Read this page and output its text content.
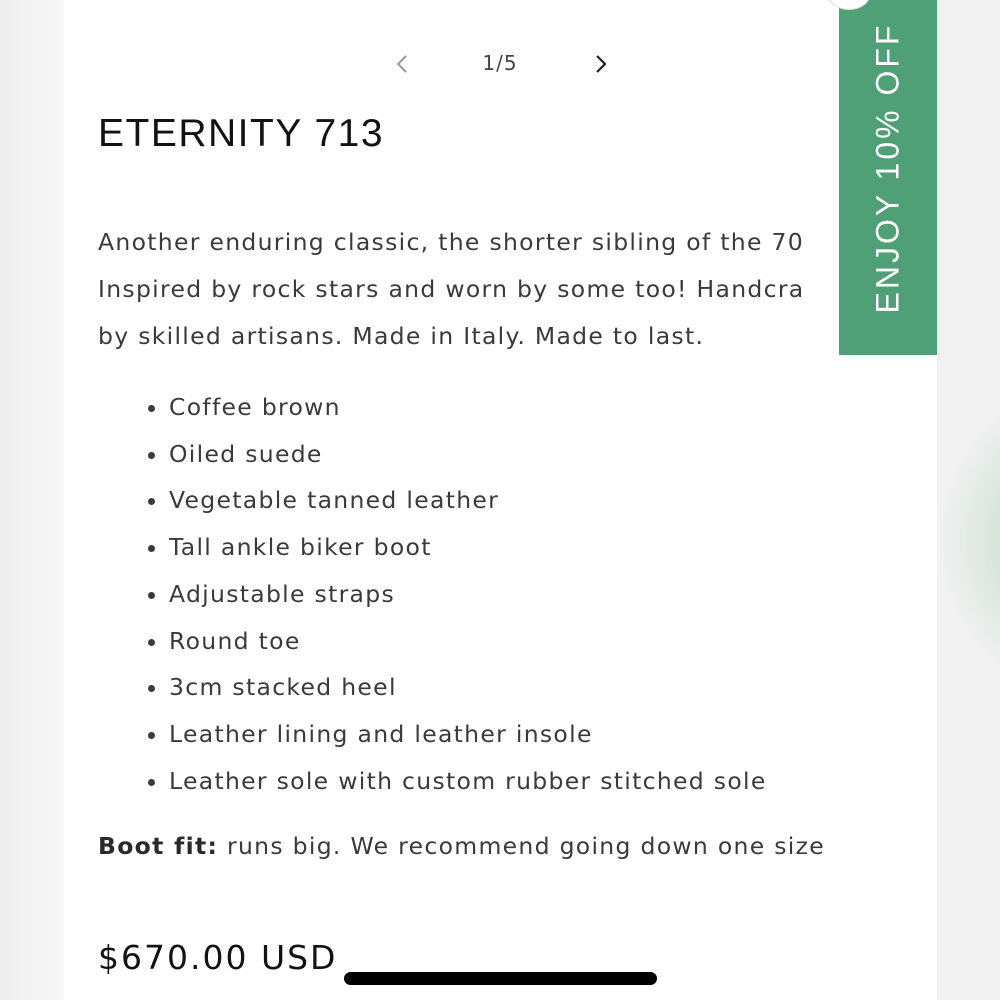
1/5
ETERNITY 713
Another enduring classic, the shorter sibling of the 70
Inspired by rock stars and worn by some too! Handcra
by skilled artisans. Made in Italy. Made to last.
• Coffee brown
• Oiled suede
• Vegetable tanned leather
• Tall ankle biker boot
• Adjustable straps
• Round toe
• 3cm stacked heel
• Leather lining and leather insole
• Leather sole with custom rubber stitched sole
Boot fit: runs big. We recommend going down one size
$670.00 USD
ENJOY 10% OFF
